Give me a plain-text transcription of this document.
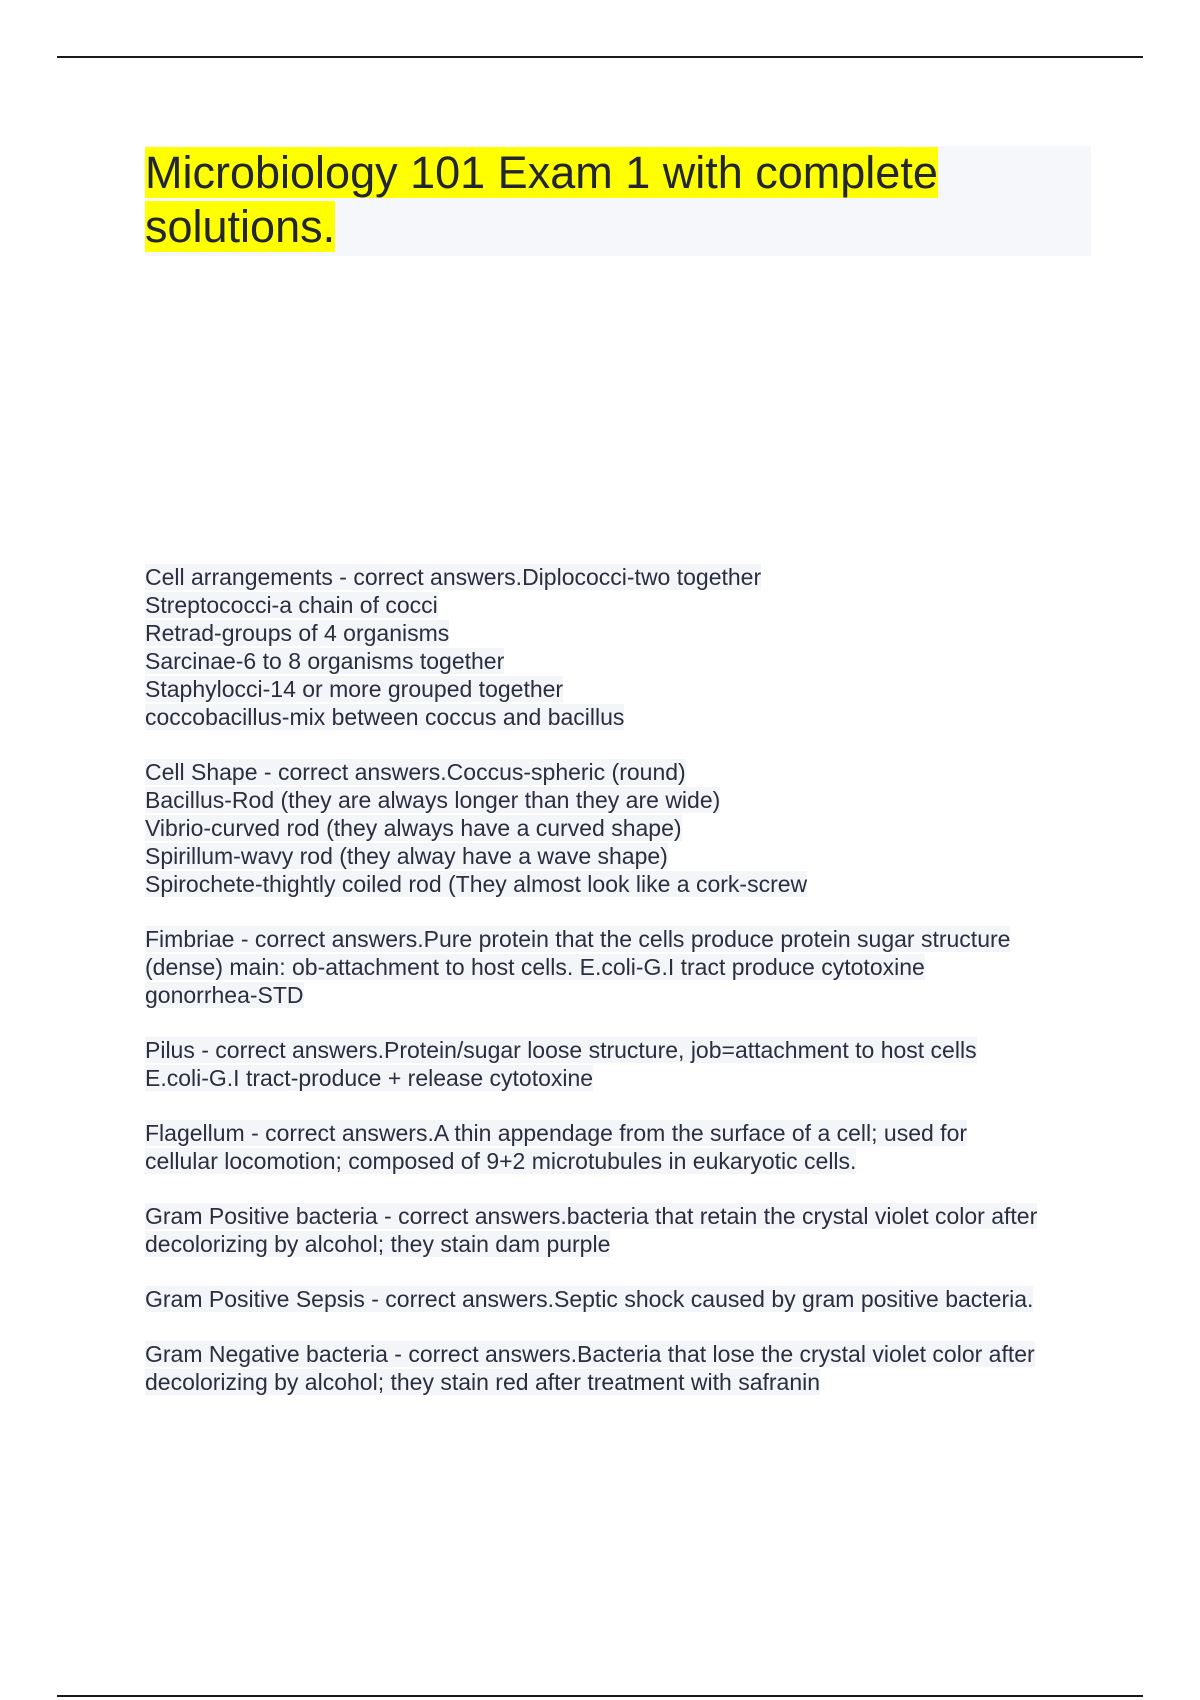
Microbiology 101 Exam 1 with complete solutions.

Cell arrangements - correct answers.Diplococci-two together
Streptococci-a chain of cocci
Retrad-groups of 4 organisms
Sarcinae-6 to 8 organisms together
Staphylocci-14 or more grouped together
coccobacillus-mix between coccus and bacillus

Cell Shape - correct answers.Coccus-spheric (round)
Bacillus-Rod (they are always longer than they are wide)
Vibrio-curved rod (they always have a curved shape)
Spirillum-wavy rod (they alway have a wave shape)
Spirochete-thightly coiled rod (They almost look like a cork-screw

Fimbriae - correct answers.Pure protein that the cells produce protein sugar structure
(dense) main: ob-attachment to host cells. E.coli-G.I tract produce cytotoxine
gonorrhea-STD

Pilus - correct answers.Protein/sugar loose structure, job=attachment to host cells
E.coli-G.I tract-produce + release cytotoxine

Flagellum - correct answers.A thin appendage from the surface of a cell; used for
cellular locomotion; composed of 9+2 microtubules in eukaryotic cells.

Gram Positive bacteria - correct answers.bacteria that retain the crystal violet color after
decolorizing by alcohol; they stain dam purple

Gram Positive Sepsis - correct answers.Septic shock caused by gram positive bacteria.

Gram Negative bacteria - correct answers.Bacteria that lose the crystal violet color after
decolorizing by alcohol; they stain red after treatment with safranin
